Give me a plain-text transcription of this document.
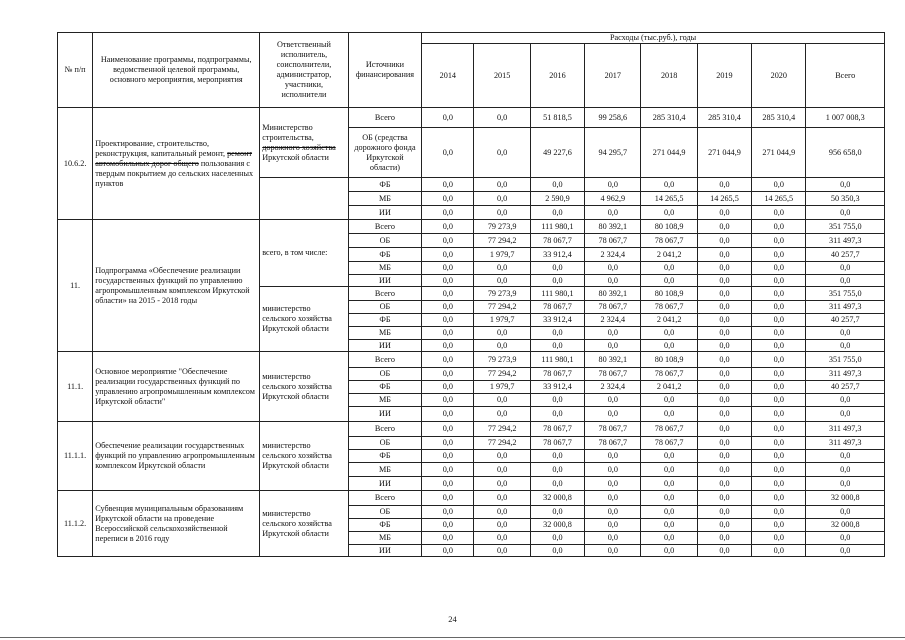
№ п/п	Наименование программы, подпрограммы, ведомственной целевой программы, основного мероприятия, мероприятия	Ответственный исполнитель, соисполнители, администратор, участники, исполнители	Источники финансирования	Расходы (тыс.руб.), годы							
				2014	2015	2016	2017	2018	2019	2020	Всего
10.6.2.	Проектирование, строительство, реконструкция, капитальный ремонт, ремонт автомобильных дорог общего пользования с твердым покрытием до сельских населенных пунктов	Министерство строительства, дорожного хозяйства Иркутской области	Всего	0,0	0,0	51 818,5	99 258,6	285 310,4	285 310,4	285 310,4	1 007 008,3
			ОБ (средства дорожного фонда Иркутской области)	0,0	0,0	49 227,6	94 295,7	271 044,9	271 044,9	271 044,9	956 658,0
			ФБ	0,0	0,0	0,0	0,0	0,0	0,0	0,0	0,0
			МБ	0,0	0,0	2 590,9	4 962,9	14 265,5	14 265,5	14 265,5	50 350,3
			ИИ	0,0	0,0	0,0	0,0	0,0	0,0	0,0	0,0
11.	Подпрограмма «Обеспечение реализации государственных функций по управлению агропромышленным комплексом Иркутской области» на 2015 - 2018 годы	всего, в том числе:	Всего	0,0	79 273,9	111 980,1	80 392,1	80 108,9	0,0	0,0	351 755,0
			ОБ	0,0	77 294,2	78 067,7	78 067,7	78 067,7	0,0	0,0	311 497,3
			ФБ	0,0	1 979,7	33 912,4	2 324,4	2 041,2	0,0	0,0	40 257,7
			МБ	0,0	0,0	0,0	0,0	0,0	0,0	0,0	0,0
			ИИ	0,0	0,0	0,0	0,0	0,0	0,0	0,0	0,0
		министерство сельского хозяйства Иркутской области	Всего	0,0	79 273,9	111 980,1	80 392,1	80 108,9	0,0	0,0	351 755,0
			ОБ	0,0	77 294,2	78 067,7	78 067,7	78 067,7	0,0	0,0	311 497,3
			ФБ	0,0	1 979,7	33 912,4	2 324,4	2 041,2	0,0	0,0	40 257,7
			МБ	0,0	0,0	0,0	0,0	0,0	0,0	0,0	0,0
			ИИ	0,0	0,0	0,0	0,0	0,0	0,0	0,0	0,0
11.1.	Основное мероприятие "Обеспечение реализации государственных функций по управлению агропромышленным комплексом Иркутской области"	министерство сельского хозяйства Иркутской области	Всего	0,0	79 273,9	111 980,1	80 392,1	80 108,9	0,0	0,0	351 755,0
			ОБ	0,0	77 294,2	78 067,7	78 067,7	78 067,7	0,0	0,0	311 497,3
			ФБ	0,0	1 979,7	33 912,4	2 324,4	2 041,2	0,0	0,0	40 257,7
			МБ	0,0	0,0	0,0	0,0	0,0	0,0	0,0	0,0
			ИИ	0,0	0,0	0,0	0,0	0,0	0,0	0,0	0,0
11.1.1.	Обеспечение реализации государственных функций по управлению агропромышленным комплексом Иркутской области	министерство сельского хозяйства Иркутской области	Всего	0,0	77 294,2	78 067,7	78 067,7	78 067,7	0,0	0,0	311 497,3
			ОБ	0,0	77 294,2	78 067,7	78 067,7	78 067,7	0,0	0,0	311 497,3
			ФБ	0,0	0,0	0,0	0,0	0,0	0,0	0,0	0,0
			МБ	0,0	0,0	0,0	0,0	0,0	0,0	0,0	0,0
			ИИ	0,0	0,0	0,0	0,0	0,0	0,0	0,0	0,0
11.1.2.	Субвенция муниципальным образованиям Иркутской области на проведение Всероссийской сельскохозяйственной переписи в 2016 году	министерство сельского хозяйства Иркутской области	Всего	0,0	0,0	32 000,8	0,0	0,0	0,0	0,0	32 000,8
			ОБ	0,0	0,0	0,0	0,0	0,0	0,0	0,0	0,0
			ФБ	0,0	0,0	32 000,8	0,0	0,0	0,0	0,0	32 000,8
			МБ	0,0	0,0	0,0	0,0	0,0	0,0	0,0	0,0
			ИИ	0,0	0,0	0,0	0,0	0,0	0,0	0,0	0,0
24
